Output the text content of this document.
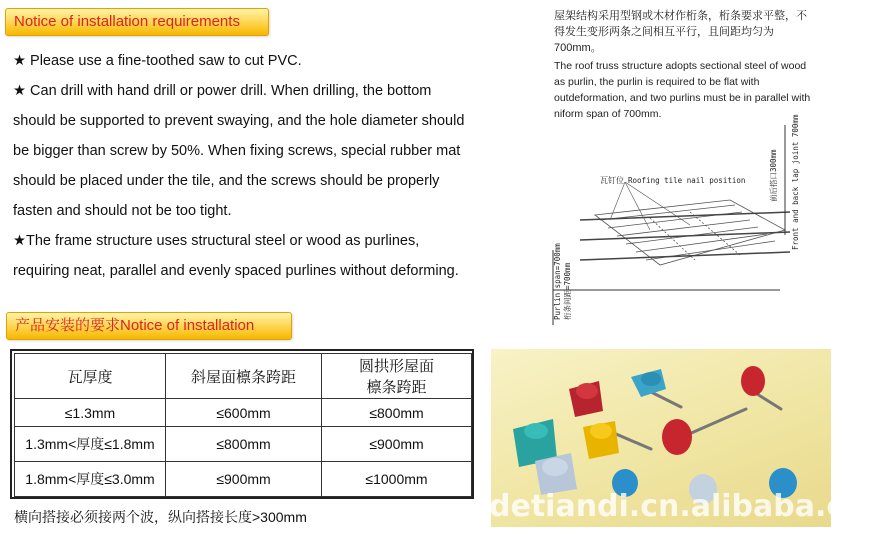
Notice of installation requirements

★ Please use a fine-toothed saw to cut PVC.

★ Can drill with hand drill or power drill. When drilling, the bottom should be supported to prevent swaying, and the hole diameter should be bigger than screw by 50%. When fixing screws, special rubber mat should be placed under the tile, and the screws should be properly fasten and should not be too tight.

★The frame structure uses structural steel or wood as purlines, requiring neat, parallel and evenly spaced purlines without deforming.

产品安装的要求Notice of installation
瓦厚度	斜屋面檩条跨距	圆拱形屋面檩条跨距
≤1.3mm	≤600mm	≤800mm
1.3mm<厚度≤1.8mm	≤800mm	≤900mm
1.8mm<厚度≤3.0mm	≤900mm	≤1000mm
横向搭接必须接两个波，纵向搭接长度>300mm

屋架结构采用型钢或木材作桁条，桁条要求平整，不得发生变形两条之间相互平行，且间距均匀为700mm。

The roof truss structure adopts sectional steel of wood as purlin, the purlin is required to be flat with outdeformation, and two purlins must be in parallel with niform span of 700mm.

瓦钉位 Roofing tile nail position	前后搭口300mm Front and back lap joint 700mm
Purlin span=700mm 桁条间距=700mm
detiandi.cn.alibaba.com
